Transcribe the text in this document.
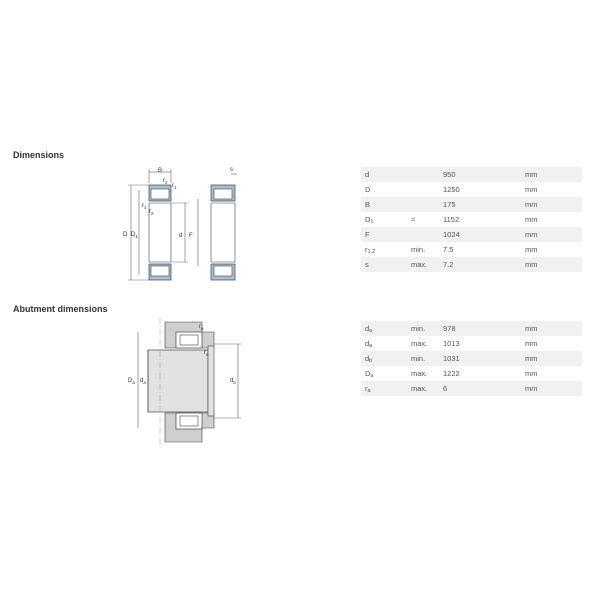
Dimensions
Abutment dimensions
B
$r_2$
$r_1$
$r_1$
$r_2$
D $D_1$	d F
s
$r_a$
$r_a$
$D_a$ $d_a$	$d_b$
d		950	mm
D		1250	mm
B		175	mm
$D_1$	≈	1152	mm
F		1024	mm
$r_{1,2}$	min.	7.5	mm
s	max.	7.2	mm
$d_a$	min.	978	mm
$d_a$	max.	1013	mm
$d_b$	min.	1031	mm
$D_a$	max.	1222	mm
$r_a$	max.	6	mm
